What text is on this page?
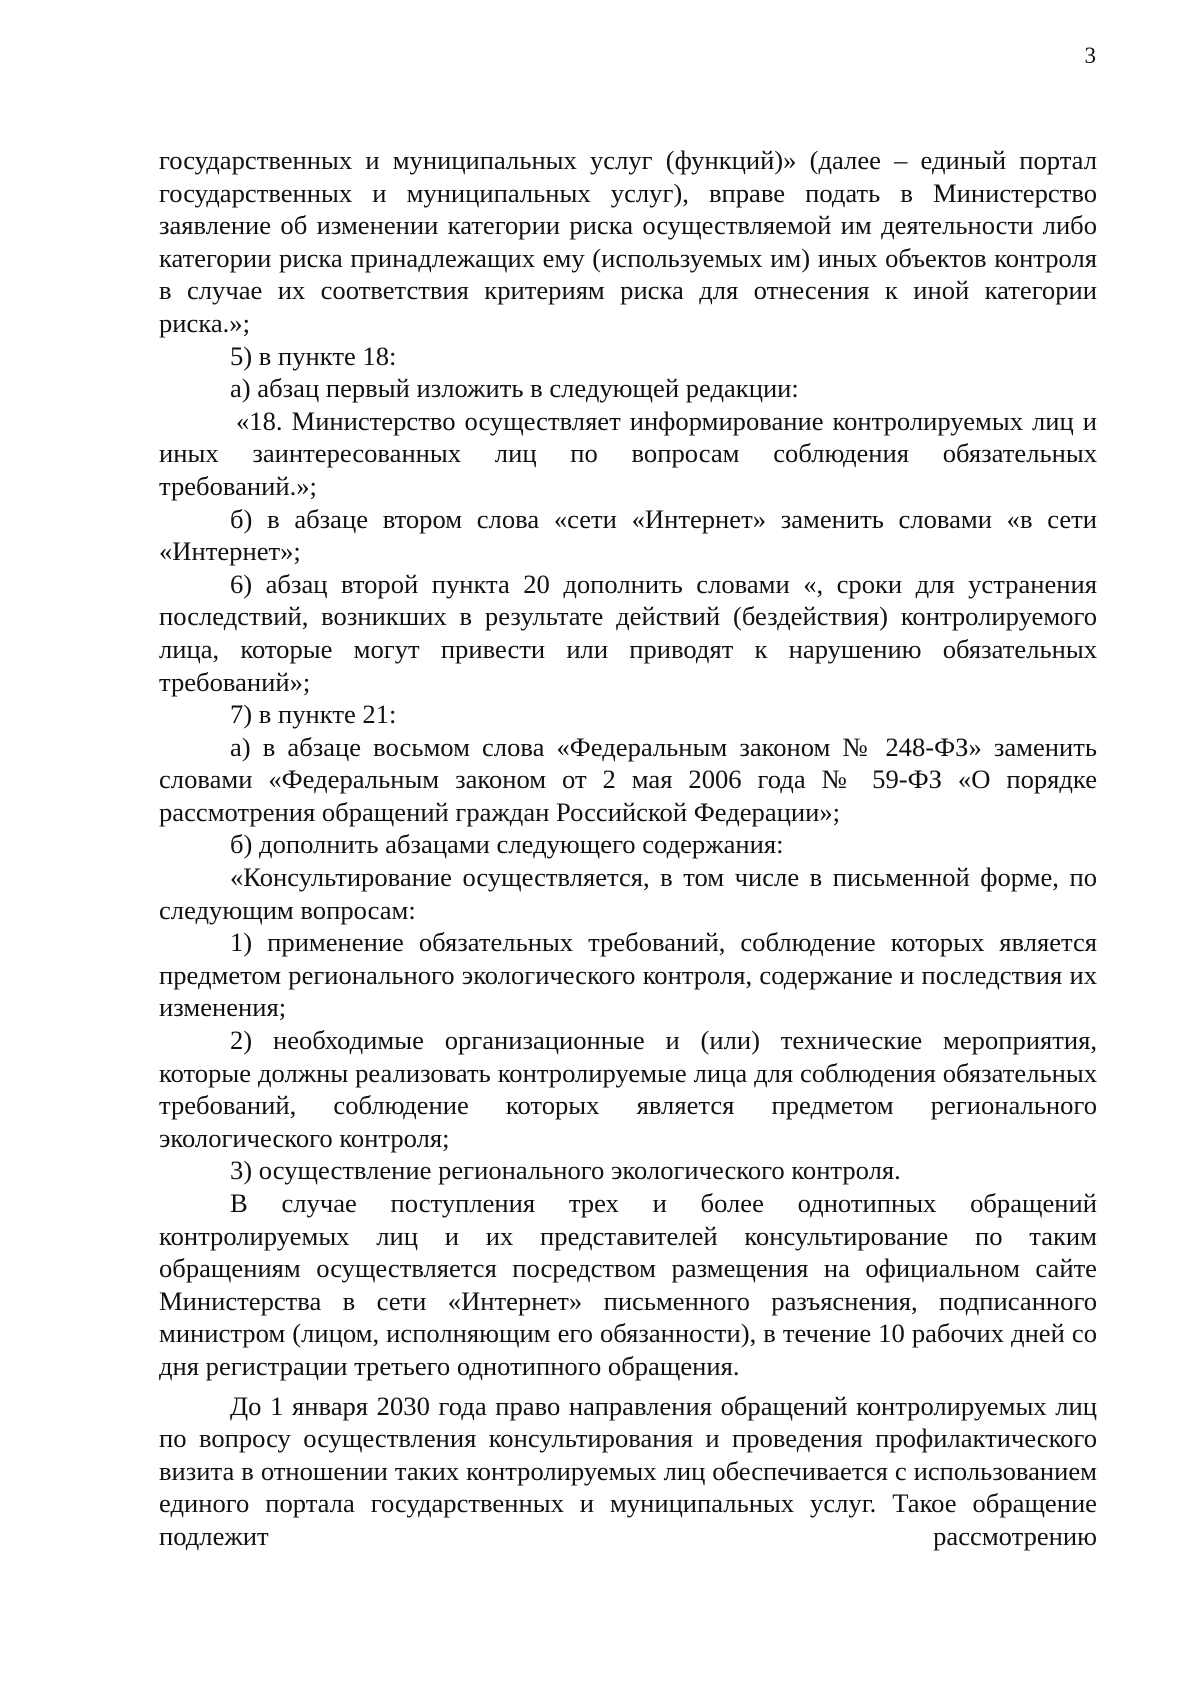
3

государственных и муниципальных услуг (функций)» (далее – единый портал государственных и муниципальных услуг), вправе подать в Министерство заявление об изменении категории риска осуществляемой им деятельности либо категории риска принадлежащих ему (используемых им) иных объектов контроля в случае их соответствия критериям риска для отнесения к иной категории риска.»;

5) в пункте 18:

а) абзац первый изложить в следующей редакции:

«18. Министерство осуществляет информирование контролируемых лиц и иных заинтересованных лиц по вопросам соблюдения обязательных требований.»;

б) в абзаце втором слова «сети «Интернет» заменить словами «в сети «Интернет»;

6) абзац второй пункта 20 дополнить словами «, сроки для устранения последствий, возникших в результате действий (бездействия) контролируемого лица, которые могут привести или приводят к нарушению обязательных требований»;

7) в пункте 21:

а) в абзаце восьмом слова «Федеральным законом № 248-ФЗ» заменить словами «Федеральным законом от 2 мая 2006 года № 59-ФЗ «О порядке рассмотрения обращений граждан Российской Федерации»;

б) дополнить абзацами следующего содержания:

«Консультирование осуществляется, в том числе в письменной форме, по следующим вопросам:

1) применение обязательных требований, соблюдение которых является предметом регионального экологического контроля, содержание и последствия их изменения;

2) необходимые организационные и (или) технические мероприятия, которые должны реализовать контролируемые лица для соблюдения обязательных требований, соблюдение которых является предметом регионального экологического контроля;

3) осуществление регионального экологического контроля.

В случае поступления трех и более однотипных обращений контролируемых лиц и их представителей консультирование по таким обращениям осуществляется посредством размещения на официальном сайте Министерства в сети «Интернет» письменного разъяснения, подписанного министром (лицом, исполняющим его обязанности), в течение 10 рабочих дней со дня регистрации третьего однотипного обращения.

До 1 января 2030 года право направления обращений контролируемых лиц по вопросу осуществления консультирования и проведения профилактического визита в отношении таких контролируемых лиц обеспечивается с использованием единого портала государственных и муниципальных услуг. Такое обращение подлежит рассмотрению
